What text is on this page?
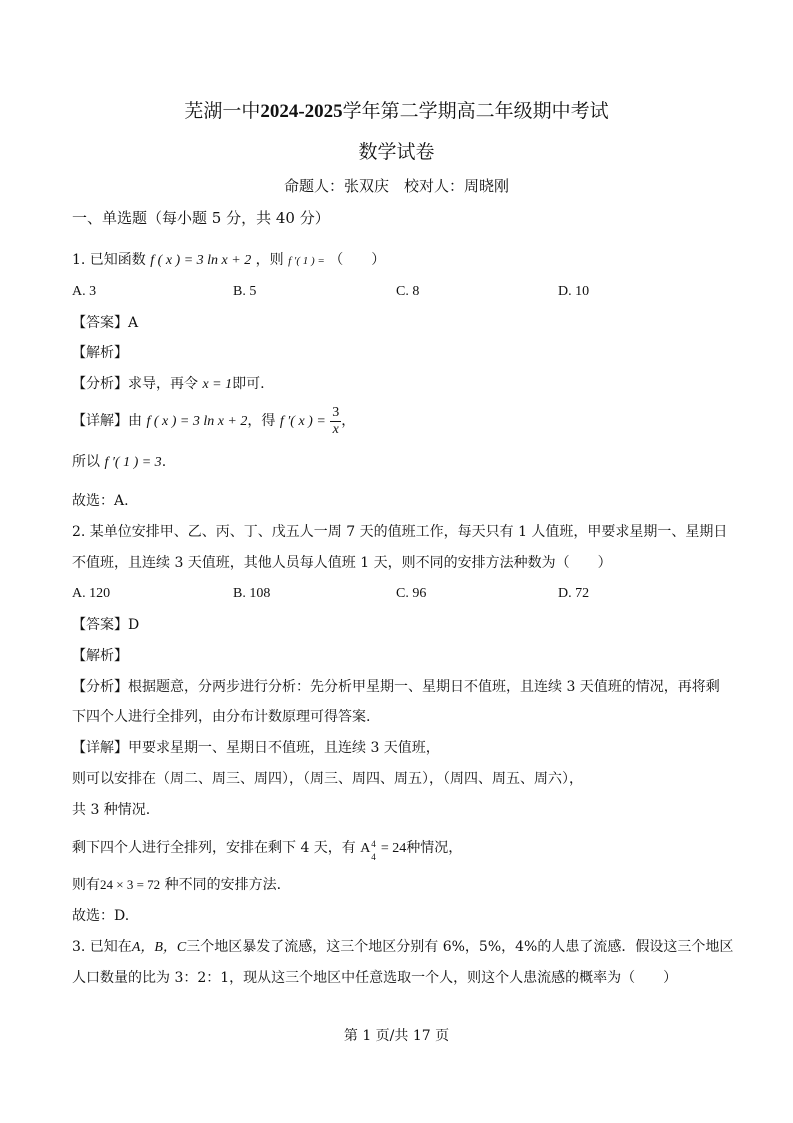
芜湖一中2024-2025学年第二学期高二年级期中考试
数学试卷
命题人：张双庆　校对人：周晓刚
一、单选题（每小题 5 分，共 40 分）
1. 已知函数 f ( x ) = 3 ln x + 2 ，则 f ′( 1 ) = （　　）
A. 3	B. 5	C. 8	D. 10
【答案】A
【解析】
【分析】求导，再令 x = 1即可.
【详解】由 f ( x ) = 3 ln x + 2，得 f ′( x ) = $\frac{3}{x}$ ，
所以 f ′( 1 ) = 3.
故选：A.
2. 某单位安排甲、乙、丙、丁、戊五人一周 7 天的值班工作，每天只有 1 人值班，甲要求星期一、星期日
不值班，且连续 3 天值班，其他人员每人值班 1 天，则不同的安排方法种数为（　　）
A. 120	B. 108	C. 96	D. 72
【答案】D
【解析】
【分析】根据题意，分两步进行分析：先分析甲星期一、星期日不值班，且连续 3 天值班的情况，再将剩
下四个人进行全排列，由分布计数原理可得答案.
【详解】甲要求星期一、星期日不值班，且连续 3 天值班，
则可以安排在（周二、周三、周四），（周三、周四、周五），（周四、周五、周六），
共 3 种情况.
剩下四个人进行全排列，安排在剩下 4 天，有 A 4
4
= 24种情况，
则有24 × 3 = 72 种不同的安排方法.
故选：D.
3. 已知在A，B，C三个地区暴发了流感，这三个地区分别有 6%，5%，4%的人患了流感．假设这三个地区
人口数量的比为 3：2：1，现从这三个地区中任意选取一个人，则这个人患流感的概率为（　　）
第 1 页/共 17 页
